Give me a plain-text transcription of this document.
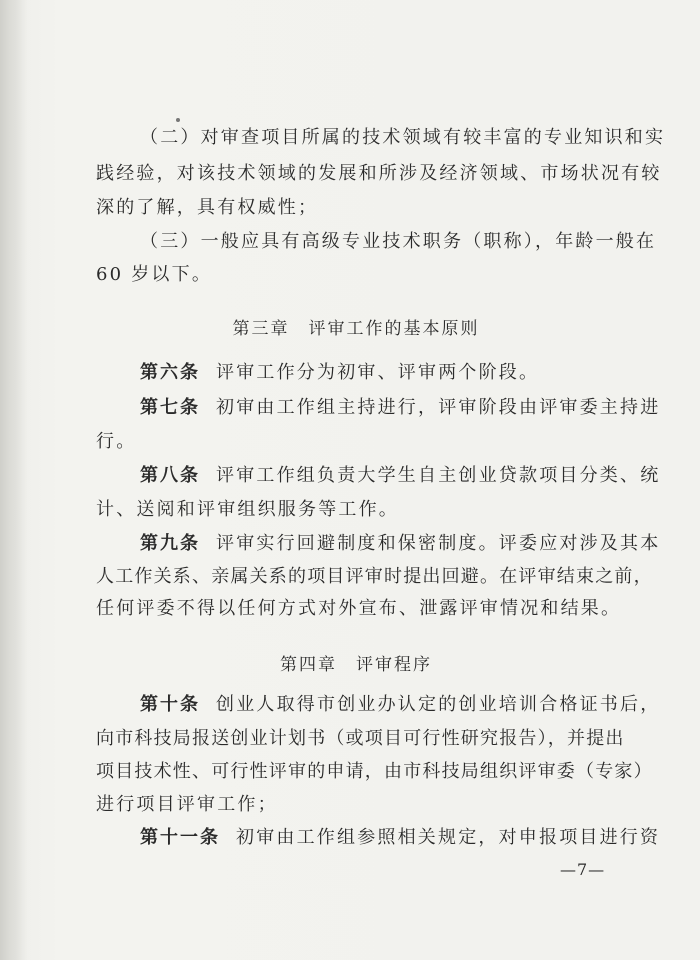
（二）对审查项目所属的技术领域有较丰富的专业知识和实
践经验，对该技术领域的发展和所涉及经济领域、市场状况有较
深的了解，具有权威性；
（三）一般应具有高级专业技术职务（职称），年龄一般在
60 岁以下。
第三章　评审工作的基本原则
第六条 评审工作分为初审、评审两个阶段。
第七条 初审由工作组主持进行，评审阶段由评审委主持进
行。
第八条 评审工作组负责大学生自主创业贷款项目分类、统
计、送阅和评审组织服务等工作。
第九条 评审实行回避制度和保密制度。评委应对涉及其本
人工作关系、亲属关系的项目评审时提出回避。在评审结束之前，
任何评委不得以任何方式对外宣布、泄露评审情况和结果。
第四章　评审程序
第十条 创业人取得市创业办认定的创业培训合格证书后，
向市科技局报送创业计划书（或项目可行性研究报告），并提出
项目技术性、可行性评审的申请，由市科技局组织评审委（专家）
进行项目评审工作；
第十一条 初审由工作组参照相关规定，对申报项目进行资
—7—
